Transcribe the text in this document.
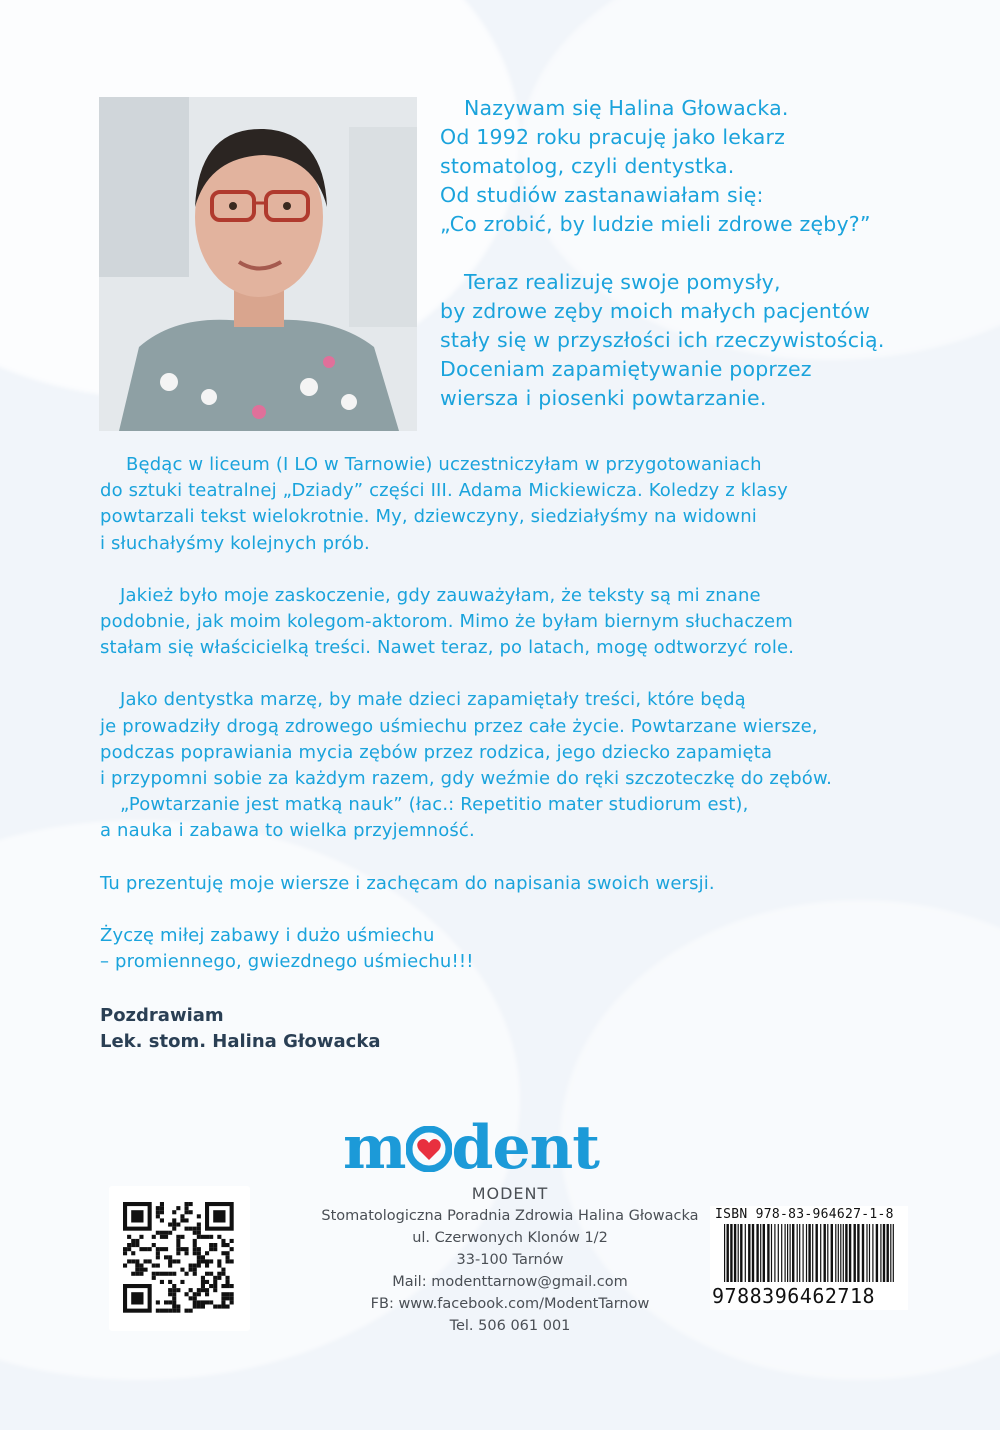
Nazywam się Halina Głowacka.
Od 1992 roku pracuję jako lekarz
stomatolog, czyli dentystka.
Od studiów zastanawiałam się:
„Co zrobić, by ludzie mieli zdrowe zęby?”

Teraz realizuję swoje pomysły,
by zdrowe zęby moich małych pacjentów
stały się w przyszłości ich rzeczywistością.
Doceniam zapamiętywanie poprzez
wiersza i piosenki powtarzanie.

Będąc w liceum (I LO w Tarnowie) uczestniczyłam w przygotowaniach
do sztuki teatralnej „Dziady” części III. Adama Mickiewicza. Koledzy z klasy
powtarzali tekst wielokrotnie. My, dziewczyny, siedziałyśmy na widowni
i słuchałyśmy kolejnych prób.

Jakież było moje zaskoczenie, gdy zauważyłam, że teksty są mi znane
podobnie, jak moim kolegom-aktorom. Mimo że byłam biernym słuchaczem
stałam się właścicielką treści. Nawet teraz, po latach, mogę odtworzyć role.

Jako dentystka marzę, by małe dzieci zapamiętały treści, które będą
je prowadziły drogą zdrowego uśmiechu przez całe życie. Powtarzane wiersze,
podczas poprawiania mycia zębów przez rodzica, jego dziecko zapamięta
i przypomni sobie za każdym razem, gdy weźmie do ręki szczoteczkę do zębów.
„Powtarzanie jest matką nauk” (łac.: Repetitio mater studiorum est),
a nauka i zabawa to wielka przyjemność.

Tu prezentuję moje wiersze i zachęcam do napisania swoich wersji.

Życzę miłej zabawy i dużo uśmiechu
– promiennego, gwiezdnego uśmiechu!!!

Pozdrawiam
Lek. stom. Halina Głowacka
m dent
MODENT
Stomatologiczna Poradnia Zdrowia Halina Głowacka
ul. Czerwonych Klonów 1/2
33-100 Tarnów
Mail: modenttarnow@gmail.com
FB: www.facebook.com/ModentTarnow
Tel. 506 061 001
ISBN 978-83-964627-1-8
9788396462718
